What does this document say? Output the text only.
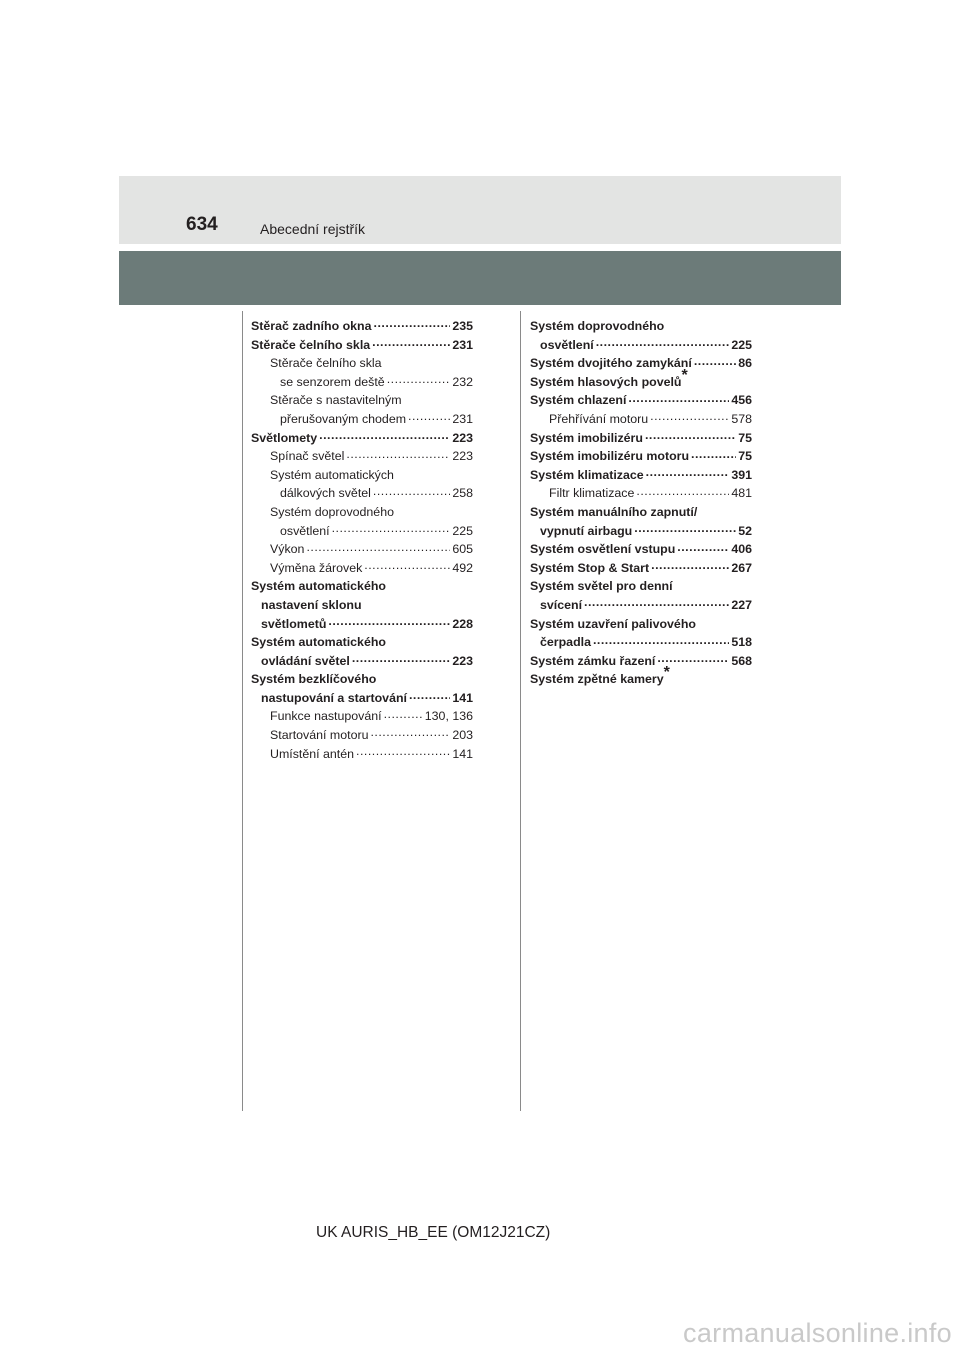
634	Abecední rejstřík
Stěrač zadního okna .....	235
Stěrače čelního skla .....	231
Stěrače čelního skla
se senzorem deště .....	232
Stěrače s nastavitelným
přerušovaným chodem .....	231
Světlomety .....	223
Spínač světel .....	223
Systém automatických
dálkových světel .....	258
Systém doprovodného
osvětlení .....	225
Výkon .....	605
Výměna žárovek .....	492
Systém automatického
nastavení sklonu
světlometů .....	228
Systém automatického
ovládání světel .....	223
Systém bezklíčového
nastupování a startování .....	141
Funkce nastupování .....	130, 136
Startování motoru .....	203
Umístění antén .....	141
Systém doprovodného
osvětlení .....	225
Systém dvojitého zamykání .....	86
Systém hlasových povelů*
Systém chlazení .....	456
Přehřívání motoru .....	578
Systém imobilizéru .....	75
Systém imobilizéru motoru .....	75
Systém klimatizace .....	391
Filtr klimatizace .....	481
Systém manuálního zapnutí/
vypnutí airbagu .....	52
Systém osvětlení vstupu .....	406
Systém Stop & Start .....	267
Systém světel pro denní
svícení .....	227
Systém uzavření palivového
čerpadla .....	518
Systém zámku řazení .....	568
Systém zpětné kamery*
UK AURIS_HB_EE (OM12J21CZ)
carmanualsonline.info
